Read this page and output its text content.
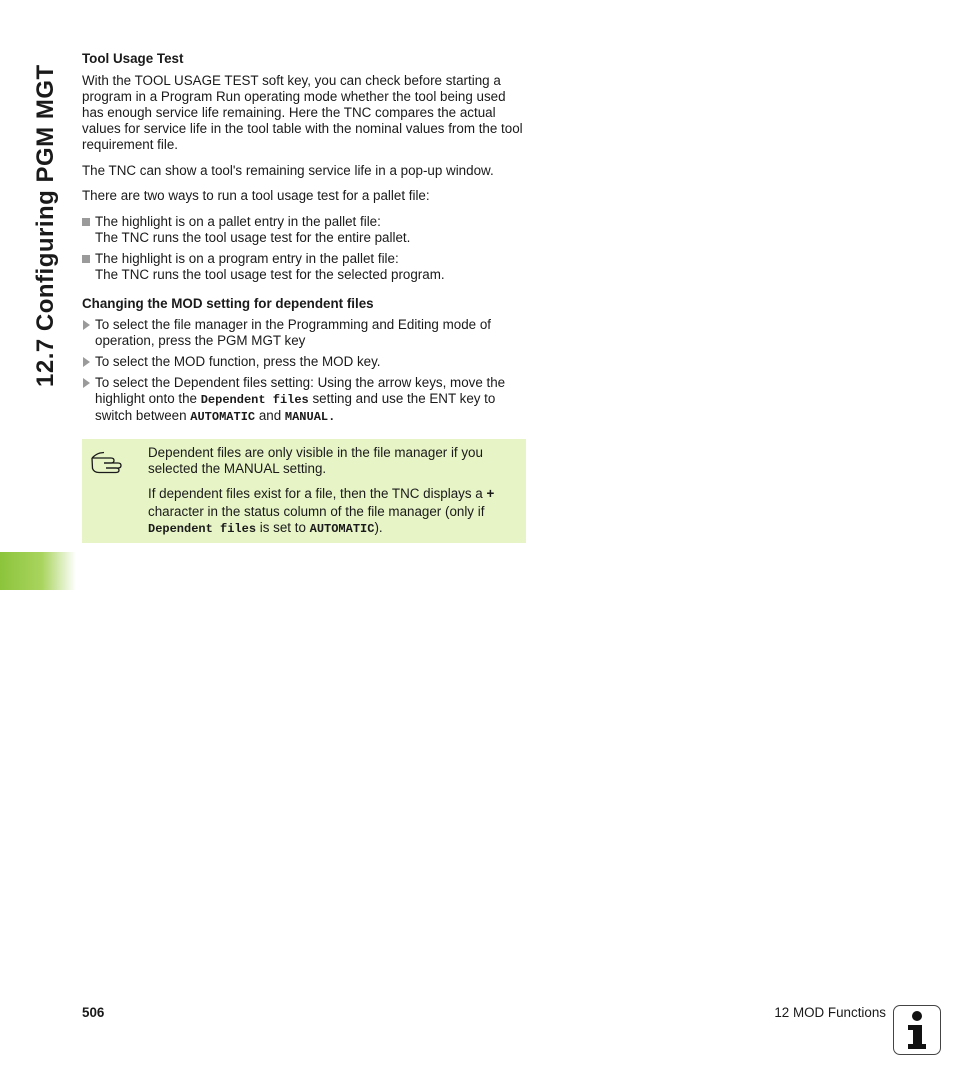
12.7 Configuring PGM MGT
Tool Usage Test

With the TOOL USAGE TEST soft key, you can check before starting a program in a Program Run operating mode whether the tool being used has enough service life remaining. Here the TNC compares the actual values for service life in the tool table with the nominal values from the tool requirement file.

The TNC can show a tool's remaining service life in a pop-up window.

There are two ways to run a tool usage test for a pallet file:

The highlight is on a pallet entry in the pallet file:
The TNC runs the tool usage test for the entire pallet.
The highlight is on a program entry in the pallet file:
The TNC runs the tool usage test for the selected program.
Changing the MOD setting for dependent files
To select the file manager in the Programming and Editing mode of operation, press the PGM MGT key
To select the MOD function, press the MOD key.
To select the Dependent files setting: Using the arrow keys, move the highlight onto the Dependent files setting and use the ENT key to switch between AUTOMATIC and MANUAL.

Dependent files are only visible in the file manager if you selected the MANUAL setting.

If dependent files exist for a file, then the TNC displays a + character in the status column of the file manager (only if Dependent files is set to AUTOMATIC).

506	12 MOD Functions
